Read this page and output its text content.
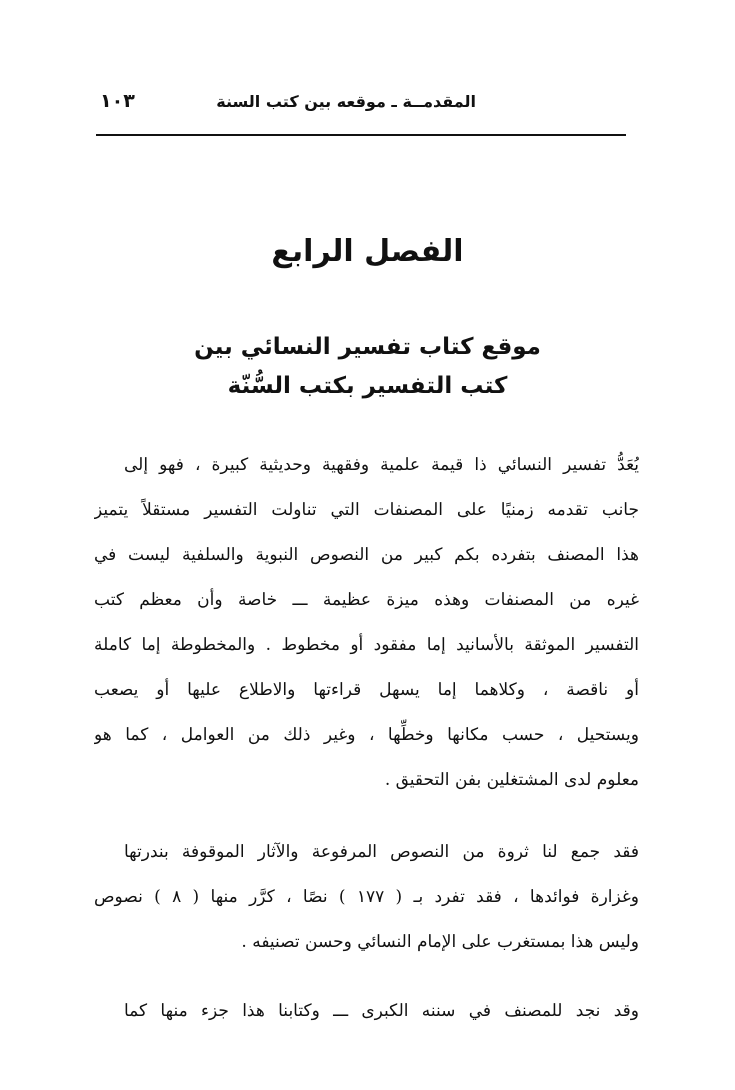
المقدمــة ـ موقعه بين كتب السنة
١٠٣
الفصل الرابع
موقع كتاب تفسير النسائي بين
كتب التفسير بكتب السُّنّة
يُعَدُّ تفسير النسائي ذا قيمة علمية وفقهية وحديثية كبيرة ، فهو إلى
جانب تقدمه زمنيًا على المصنفات التي تناولت التفسير مستقلاً يتميز
هذا المصنف بتفرده بكم كبير من النصوص النبوية والسلفية ليست في
غيره من المصنفات وهذه ميزة عظيمة ـــ خاصة وأن معظم كتب
التفسير الموثقة بالأسانيد إما مفقود أو مخطوط . والمخطوطة إما كاملة
أو ناقصة ، وكلاهما إما يسهل قراءتها والاطلاع عليها أو يصعب
ويستحيل ، حسب مكانها وخطِّها ، وغير ذلك من العوامل ، كما هو
معلوم لدى المشتغلين بفن التحقيق .
فقد جمع لنا ثروة من النصوص المرفوعة والآثار الموقوفة بندرتها
وغزارة فوائدها ، فقد تفرد بـ ( ١٧٧ ) نصًا ، كرَّر منها ( ٨ ) نصوص
وليس هذا بمستغرب على الإمام النسائي وحسن تصنيفه .
وقد نجد للمصنف في سننه الكبرى ـــ وكتابنا هذا جزء منها كما
